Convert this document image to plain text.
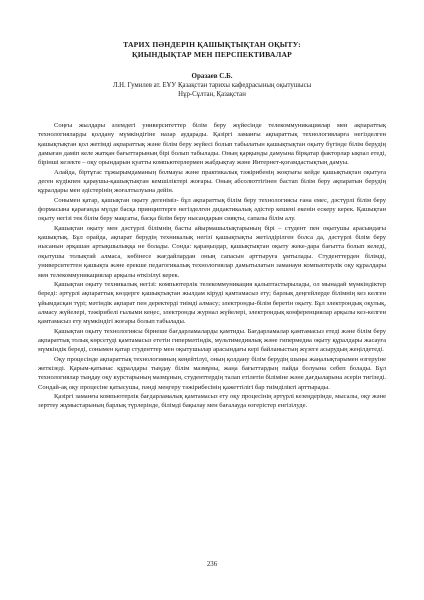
ТАРИХ ПӘНДЕРІН ҚАШЫҚТЫҚТАН ОҚЫТУ:
ҚИЫНДЫҚТАР МЕН ПЕРСПЕКТИВАЛАР
Оразаев С.Б.
Л.Н. Гумилев ат. ЕҰУ Қазақстан тарихы кафедрасының оқытушысы
Нұр-Сұлтан, Қазақстан

Соңғы жылдары әлемдегі университеттер білім беру жүйесінде телекоммуникациялар мен ақпараттық технологияларды қолдану мүмкіндігіне назар аударады. Қазіргі заманғы ақпараттық технологияларға негізделген қашықтықтан қол жетімді ақпараттық және білім беру жүйесі болып табылатын қашықтықтан оқыту бүгінде білім берудің дамыған даміп келе жатқан бағыттарының бірі болып табылады. Оның қарқынды дамуына бірқатар факторлар ықпал етеді, бірінші кезекте – оқу орындарын қуатты компьютерлермен жабдықтау және Интернет-қоғамдастықтың дамуы.

Алайда, біртұтас тұжырымдаманың болмауы және практикалық тәжірибенің жоқтығы кейде қашықтықтан оқытуға деген күдікпен қараушы-қашықтықтан кемшіліктері жоғары. Оның абсолюттігінен бастап білім беру ақпаратын берудің құралдары мен әдістерінің жоғалтылуына дейін.

Сонымен қатар, қашықтан оқыту дегеніміз- бұл ақпараттық білім беру технологиясы ғана емес, дәстүрлі білім беру формасына қарағанда мүлде басқа принциптерге негізделген дидактикалық әдістер кешені екенін ескеру керек. Қашықтан оқыту негізі тек білім беру мақсаты, басқа білім беру нысандарын сияқты, сапалы білім алу.

Қашықтан оқыту мен дәстүрлі білімнің басты айырмашылықтарының бірі – студент пен оқытушы арасындағы қашықтық. Бұл орайда, ақпарат берудің техникалық негізі қашықтықты жетілдірілген болса да, дәстүрлі білім беру нысанын әрқашан артықшылыққа не болады. Сонда: қараңыздар, қашықтықтан оқыту жеке-дара бағытта болып келеді, оқытушы толықтай алмаса, көбінесе жағдайлардан оның сапасын арттыруға ұмтылады. Студенттерден білімді, университеттен қашықта және ерекше педагогикалық технологиялар дамытылатын заманауи компьютерлік оқу құралдары мен телекоммуникациялар арқылы өткізілуі керек.

Қашықтан оқыту техникалық негізі: компьютерлік телекоммуникация қалыптастырылады, ол мынадай мүмкіндіктер береді: әртүрлі ақпараттық көздерге қашықтықтан жылдам кіруді қамтамасыз ету; барлық деңгейлерде білімнің кез келген ұйымдасқан түрі; мәтіндік ақпарат пен деректерді тиімді алмасу; электронды-білім беретін оқыту. Бұл электрондық оқулық, алмасу жүйелері, тәжірибелі ғылыми кеңес, электронды журнал жүйелері, электрондық конференциялар арқылы кез-келген қамтамасыз ету мүмкіндігі жоғары болып табылады.

Қашықтан оқыту технологиясы бірнеше бағдарламаларды қамтиды. Бағдарламалар қамтамасыз етеді және білім беру ақпараттық толық көрсетуді қамтамасыз ететін гипермәтіндік, мультимедиялық және гипермедиа оқыту құралдары жасауға мүмкіндік береді, сонымен қатар студенттер мен оқытушылар арасындағы кері байланыстың жүзеге асырудың жеңілдетеді.

Оқу процесінде ақпараттық технологияның кеңейтілуі, оның қолдану білім берудің шыңы жаңалықтарымен өзгеруіне жеткізеді. Қарым-қатынас құралдары тыңдау білім мазмұны, жаңа бағыттардың пайда болуына себеп болады. Бұл технологиялар тыңдау оқу курстарының мазмұнын, студенттердің талап етілетін біліміне және дағдыларына әсерін тигізеді. Сондай-ақ оқу процесіне қатысушы, пәнді меңгеру тәжірибесінің қажеттілігі бар тиімділікті арттырады.

Қазіргі заманғы компьютерлік бағдарламалық қамтамасыз ету оқу процесінің әртүрлі кезеңдерінде, мысалы, оқу және зерттеу жұмыстарының барлық түрлерінде, білімді бақылау мен бағалауда өзгерістер енгізілуде.

236
